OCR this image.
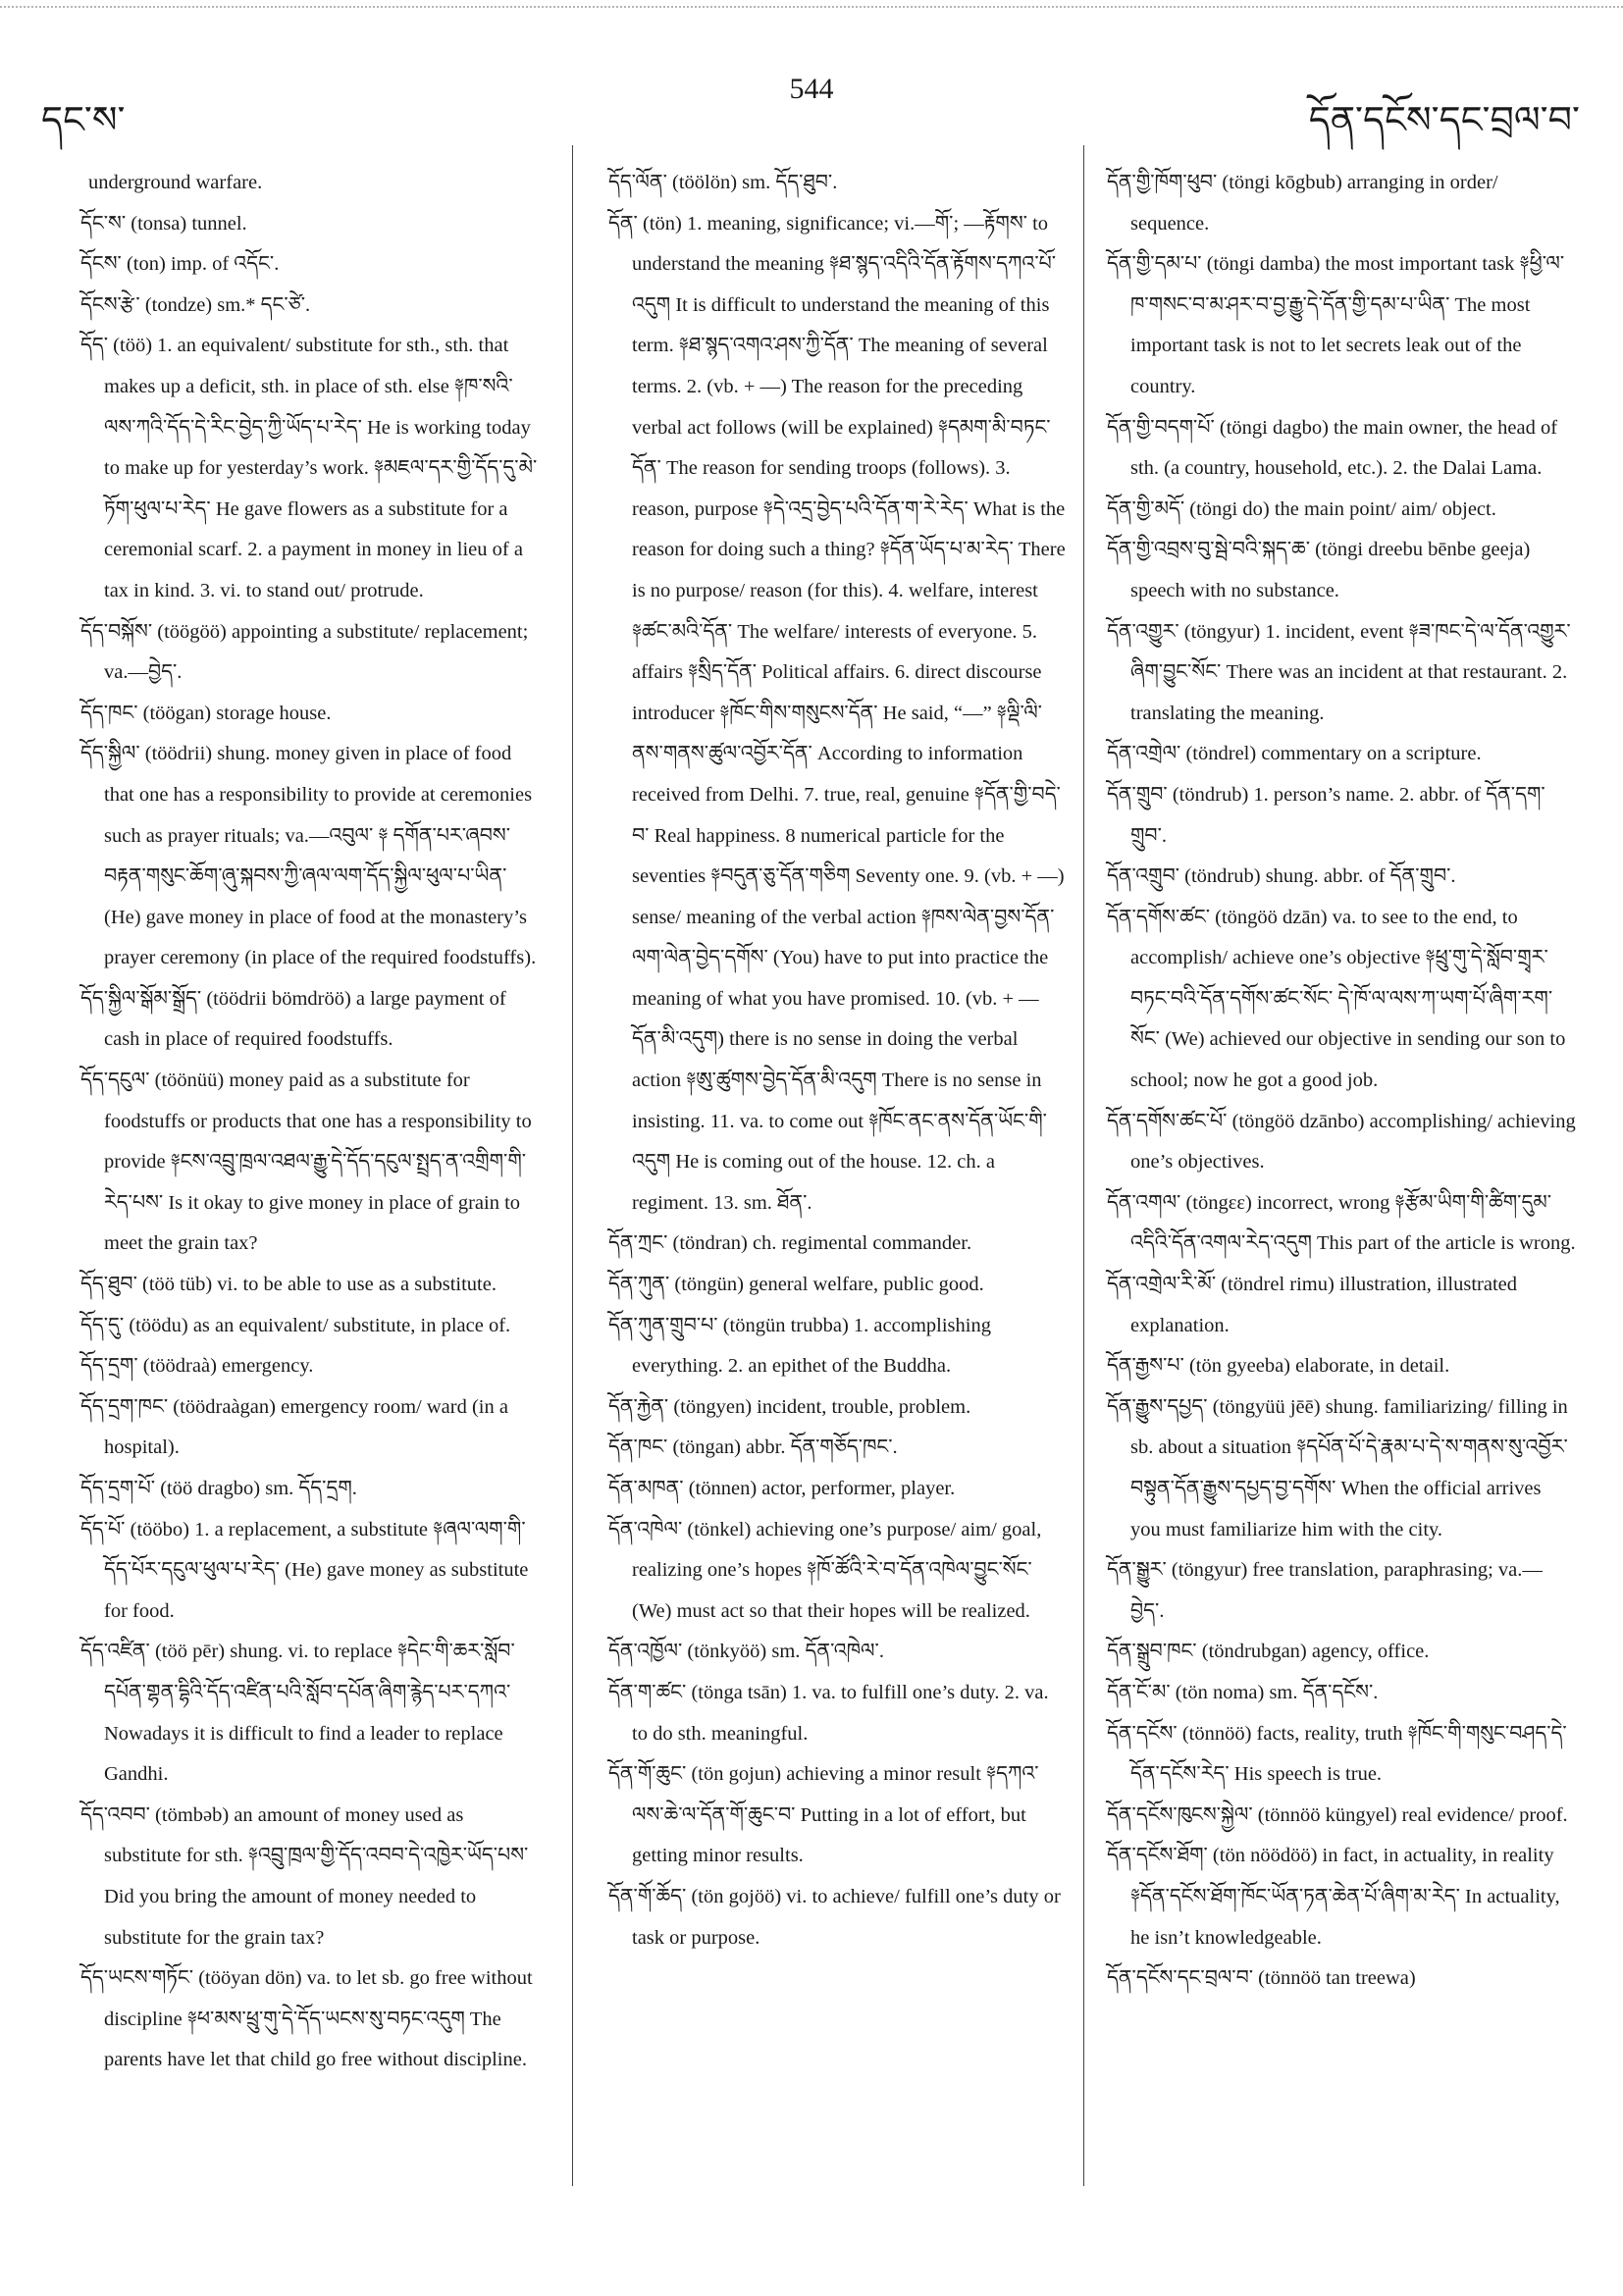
དང་ས་
544
དོན་དངོས་དང་བྲལ་བ་

underground warfare.

དོང་ས་ (tonsa) tunnel.

དོངས་ (ton) imp. of འདོང་.

དོངས་རྩེ་ (tondze) sm.* དང་ཙེ་.

དོད་ (töö) 1. an equivalent/ substitute for sth., sth. that makes up a deficit, sth. in place of sth. else ༈ཁ་སའི་ལས་ཀའི་དོད་དེ་རིང་བྱེད་ཀྱི་ཡོད་པ་རེད་ He is working today to make up for yesterday’s work. ༈མཇལ་དར་གྱི་དོད་དུ་མེ་ཏོག་ཕུལ་པ་རེད་ He gave flowers as a substitute for a ceremonial scarf. 2. a payment in money in lieu of a tax in kind. 3. vi. to stand out/ protrude.

དོད་བསྐོས་ (töögöö) appointing a substitute/ replacement; va.—བྱེད་.

དོད་ཁང་ (töögan) storage house.

དོད་སྐྱིལ་ (töödrii) shung. money given in place of food that one has a responsibility to provide at ceremonies such as prayer rituals; va.—འབུལ་ ༈ དགོན་པར་ཞབས་བརྟན་གསུང་ཆོག་ཞུ་སྐབས་ཀྱི་ཞལ་ལག་དོད་སྐྱིལ་ཕུལ་པ་ཡིན་ (He) gave money in place of food at the monastery’s prayer ceremony (in place of the required foodstuffs).

དོད་སྐྱིལ་སྒོམ་སྒྲོད་ (töödrii bömdröö) a large payment of cash in place of required foodstuffs.

དོད་དངུལ་ (töönüü) money paid as a substitute for foodstuffs or products that one has a responsibility to provide ༈ངས་འབྲུ་ཁྲལ་འཐལ་རྒྱུ་དེ་དོད་དངུལ་སྤྲད་ན་འགྲིག་གི་རེད་པས་ Is it okay to give money in place of grain to meet the grain tax?

དོད་ཐུབ་ (töö tüb) vi. to be able to use as a substitute.

དོད་དུ་ (töödu) as an equivalent/ substitute, in place of.

དོད་དྲག་ (töödraà) emergency.

དོད་དྲག་ཁང་ (töödraàgan) emergency room/ ward (in a hospital).

དོད་དྲག་པོ་ (töö dragbo) sm. དོད་དྲག.

དོད་པོ་ (tööbo) 1. a replacement, a substitute ༈ཞལ་ལག་གི་དོད་པོར་དངུལ་ཕུལ་པ་རེད་ (He) gave money as substitute for food.

དོད་འཛིན་ (töö pēr) shung. vi. to replace ༈དེང་གི་ཆར་སློབ་དཔོན་གྷན་དྷིའི་དོད་འཛིན་པའི་སློབ་དཔོན་ཞིག་རྙེད་པར་དཀའ་ Nowadays it is difficult to find a leader to replace Gandhi.

དོད་འབབ་ (tömbəb) an amount of money used as substitute for sth. ༈འབྲུ་ཁྲལ་གྱི་དོད་འབབ་དེ་འཁྱེར་ཡོད་པས་ Did you bring the amount of money needed to substitute for the grain tax?

དོད་ཡངས་གཏོང་ (tööyan dön) va. to let sb. go free without discipline ༈ཕ་མས་ཕྲུ་གུ་དེ་དོད་ཡངས་སུ་བཏང་འདུག The parents have let that child go free without discipline.

དོད་ལོན་ (töölön) sm. དོད་ཐུབ་.

དོན་ (tön) 1. meaning, significance; vi.—གོ་; —རྟོགས་ to understand the meaning ༈ཐ་སྙད་འདིའི་དོན་རྟོགས་དཀའ་པོ་འདུག It is difficult to understand the meaning of this term. ༈ཐ་སྙད་འགའ་ཤས་ཀྱི་དོན་ The meaning of several terms. 2. (vb. + —) The reason for the preceding verbal act follows (will be explained) ༈དམག་མི་བཏང་དོན་ The reason for sending troops (follows). 3. reason, purpose ༈དེ་འདྲ་བྱེད་པའི་དོན་ག་རེ་རེད་ What is the reason for doing such a thing? ༈དོན་ཡོད་པ་མ་རེད་ There is no purpose/ reason (for this). 4. welfare, interest ༈ཚང་མའི་དོན་ The welfare/ interests of everyone. 5. affairs ༈སྲིད་དོན་ Political affairs. 6. direct discourse introducer ༈ཁོང་གིས་གསུངས་དོན་ He said, “—” ༈ལྡི་ལི་ནས་གནས་ཚུལ་འབྱོར་དོན་ According to information received from Delhi. 7. true, real, genuine ༈དོན་གྱི་བདེ་བ་ Real happiness. 8 numerical particle for the seventies ༈བདུན་ཅུ་དོན་གཅིག Seventy one. 9. (vb. + —) sense/ meaning of the verbal action ༈ཁས་ལེན་བྱས་དོན་ལག་ལེན་བྱེད་དགོས་ (You) have to put into practice the meaning of what you have promised. 10. (vb. + —དོན་མི་འདུག) there is no sense in doing the verbal action ༈ཨུ་ཚུགས་བྱེད་དོན་མི་འདུག There is no sense in insisting. 11. va. to come out ༈ཁོང་ནང་ནས་དོན་ཡོང་གི་འདུག He is coming out of the house. 12. ch. a regiment. 13. sm. ཐོན་.

དོན་ཀྲང་ (töndran) ch. regimental commander.

དོན་ཀུན་ (töngün) general welfare, public good.

དོན་ཀུན་གྲུབ་པ་ (töngün trubba) 1. accomplishing everything. 2. an epithet of the Buddha.

དོན་རྐྱེན་ (töngyen) incident, trouble, problem.

དོན་ཁང་ (töngan) abbr. དོན་གཅོད་ཁང་.

དོན་མཁན་ (tönnen) actor, performer, player.

དོན་འཁེལ་ (tönkel) achieving one’s purpose/ aim/ goal, realizing one’s hopes ༈ཁོ་ཚོའི་རེ་བ་དོན་འཁེལ་བྱུང་སོང་ (We) must act so that their hopes will be realized.

དོན་འཁྱོལ་ (tönkyöö) sm. དོན་འཁེལ་.

དོན་ག་ཚང་ (tönga tsān) 1. va. to fulfill one’s duty. 2. va. to do sth. meaningful.

དོན་གོ་ཆུང་ (tön gojun) achieving a minor result ༈དཀའ་ལས་ཆེ་ལ་དོན་གོ་ཆུང་བ་ Putting in a lot of effort, but getting minor results.

དོན་གོ་ཆོད་ (tön gojöö) vi. to achieve/ fulfill one’s duty or task or purpose.

དོན་གྱི་ཁོག་ཕུབ་ (töngi kōgbub) arranging in order/ sequence.

དོན་གྱི་དམ་པ་ (töngi damba) the most important task ༈ཕྱི་ལ་ཁ་གསང་བ་མ་ཤར་བ་བྱ་རྒྱུ་དེ་དོན་གྱི་དམ་པ་ཡིན་ The most important task is not to let secrets leak out of the country.

དོན་གྱི་བདག་པོ་ (töngi dagbo) the main owner, the head of sth. (a country, household, etc.). 2. the Dalai Lama.

དོན་གྱི་མདོ་ (töngi do) the main point/ aim/ object.

དོན་གྱི་འབྲས་བུ་སྦེ་བའི་སྐད་ཆ་ (töngi dreebu bēnbe geeja) speech with no substance.

དོན་འགྱུར་ (töngyur) 1. incident, event ༈ཟ་ཁང་དེ་ལ་དོན་འགྱུར་ཞིག་བྱུང་སོང་ There was an incident at that restaurant. 2. translating the meaning.

དོན་འགྲེལ་ (töndrel) commentary on a scripture.

དོན་གྲུབ་ (töndrub) 1. person’s name. 2. abbr. of དོན་དག་གྲུབ་.

དོན་འགྲུབ་ (töndrub) shung. abbr. of དོན་གྲུབ་.

དོན་དགོས་ཚང་ (töngöö dzān) va. to see to the end, to accomplish/ achieve one’s objective ༈ཕྲུ་གུ་དེ་སློབ་གྲྭར་བཏང་བའི་དོན་དགོས་ཚང་སོང་ དེ་ཁོ་ལ་ལས་ཀ་ཡག་པོ་ཞིག་རག་སོང་ (We) achieved our objective in sending our son to school; now he got a good job.

དོན་དགོས་ཚང་པོ་ (töngöö dzānbo) accomplishing/ achieving one’s objectives.

དོན་འགལ་ (töngεε) incorrect, wrong ༈རྩོམ་ཡིག་གི་ཚིག་དུམ་འདིའི་དོན་འགལ་རེད་འདུག This part of the article is wrong.

དོན་འགྲེལ་རི་མོ་ (töndrel rimu) illustration, illustrated explanation.

དོན་རྒྱས་པ་ (tön gyeeba) elaborate, in detail.

དོན་རྒྱུས་དཔྱད་ (töngyüü jēē) shung. familiarizing/ filling in sb. about a situation ༈དཔོན་པོ་དེ་རྣམ་པ་དེ་ས་གནས་སུ་འབྱོར་བསྟུན་དོན་རྒྱུས་དཔྱད་བྱ་དགོས་ When the official arrives you must familiarize him with the city.

དོན་སྒྱུར་ (töngyur) free translation, paraphrasing; va.—བྱེད་.

དོན་སྒྲུབ་ཁང་ (töndrubgan) agency, office.

དོན་ངོ་མ་ (tön noma) sm. དོན་དངོས་.

དོན་དངོས་ (tönnöö) facts, reality, truth ༈ཁོང་གི་གསུང་བཤད་དེ་དོན་དངོས་རེད་ His speech is true.

དོན་དངོས་ཁུངས་སྐྱེལ་ (tönnöö küngyel) real evidence/ proof.

དོན་དངོས་ཐོག་ (tön nöödöö) in fact, in actuality, in reality ༈དོན་དངོས་ཐོག་ཁོང་ཡོན་ཏན་ཆེན་པོ་ཞིག་མ་རེད་ In actuality, he isn’t knowledgeable.

དོན་དངོས་དང་བྲལ་བ་ (tönnöö tan treewa)
